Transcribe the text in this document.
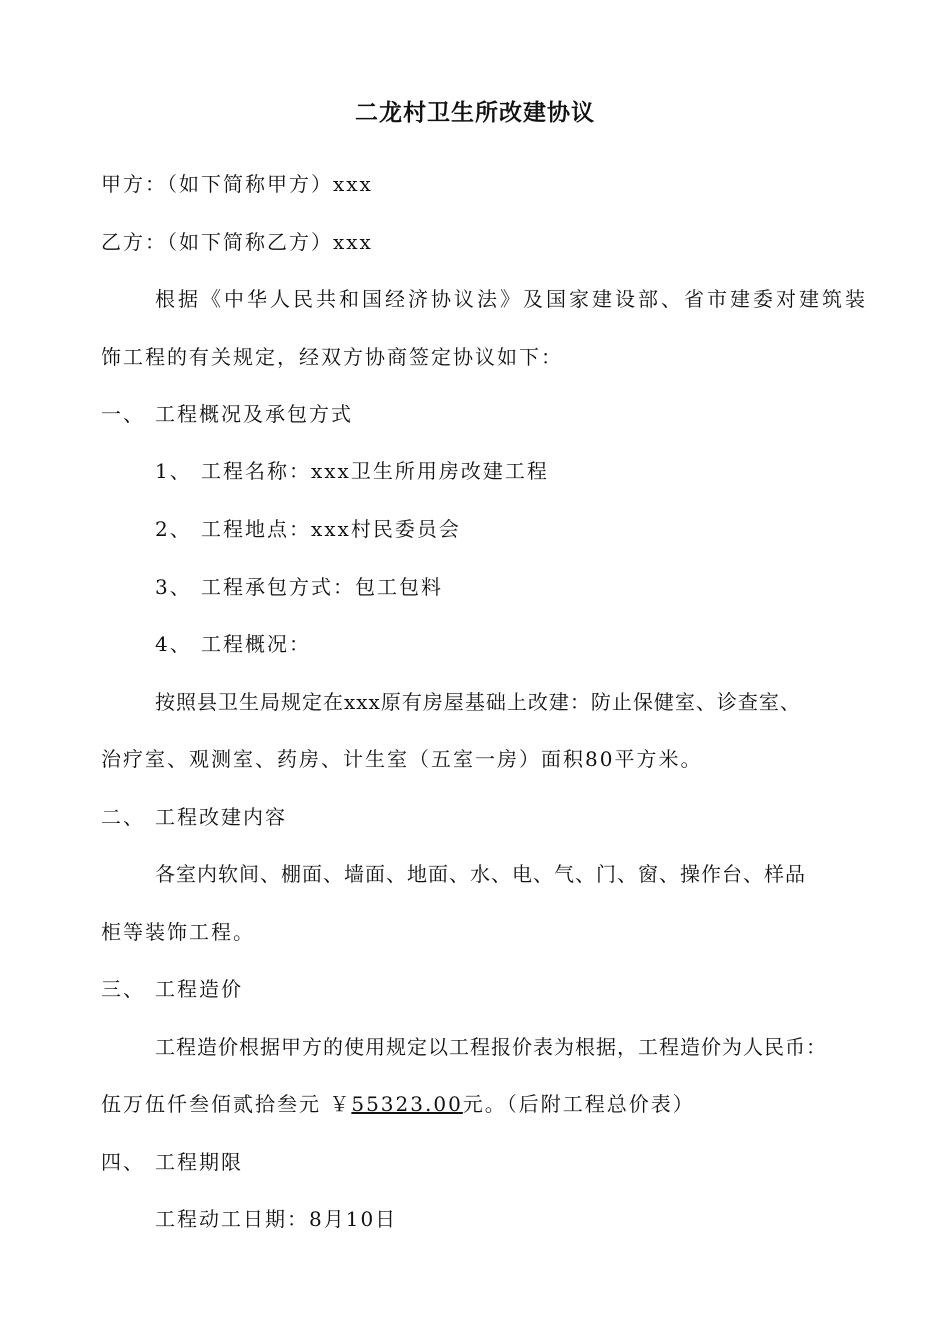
二龙村卫生所改建协议
甲方：（如下简称甲方）xxx
乙方：（如下简称乙方）xxx
根据《中华人民共和国经济协议法》及国家建设部、省市建委对建筑装
饰工程的有关规定，经双方协商签定协议如下：
一、 工程概况及承包方式
1、 工程名称：xxx卫生所用房改建工程
2、 工程地点：xxx村民委员会
3、 工程承包方式：包工包料
4、 工程概况：
按照县卫生局规定在xxx原有房屋基础上改建：防止保健室、诊查室、
治疗室、观测室、药房、计生室（五室一房）面积80平方米。
二、 工程改建内容
各室内软间、棚面、墙面、地面、水、电、气、门、窗、操作台、样品
柜等装饰工程。
三、 工程造价
工程造价根据甲方的使用规定以工程报价表为根据，工程造价为人民币：
伍万伍仟叁佰贰拾叁元 ￥55323.00元。（后附工程总价表）
四、 工程期限
工程动工日期：8月10日
